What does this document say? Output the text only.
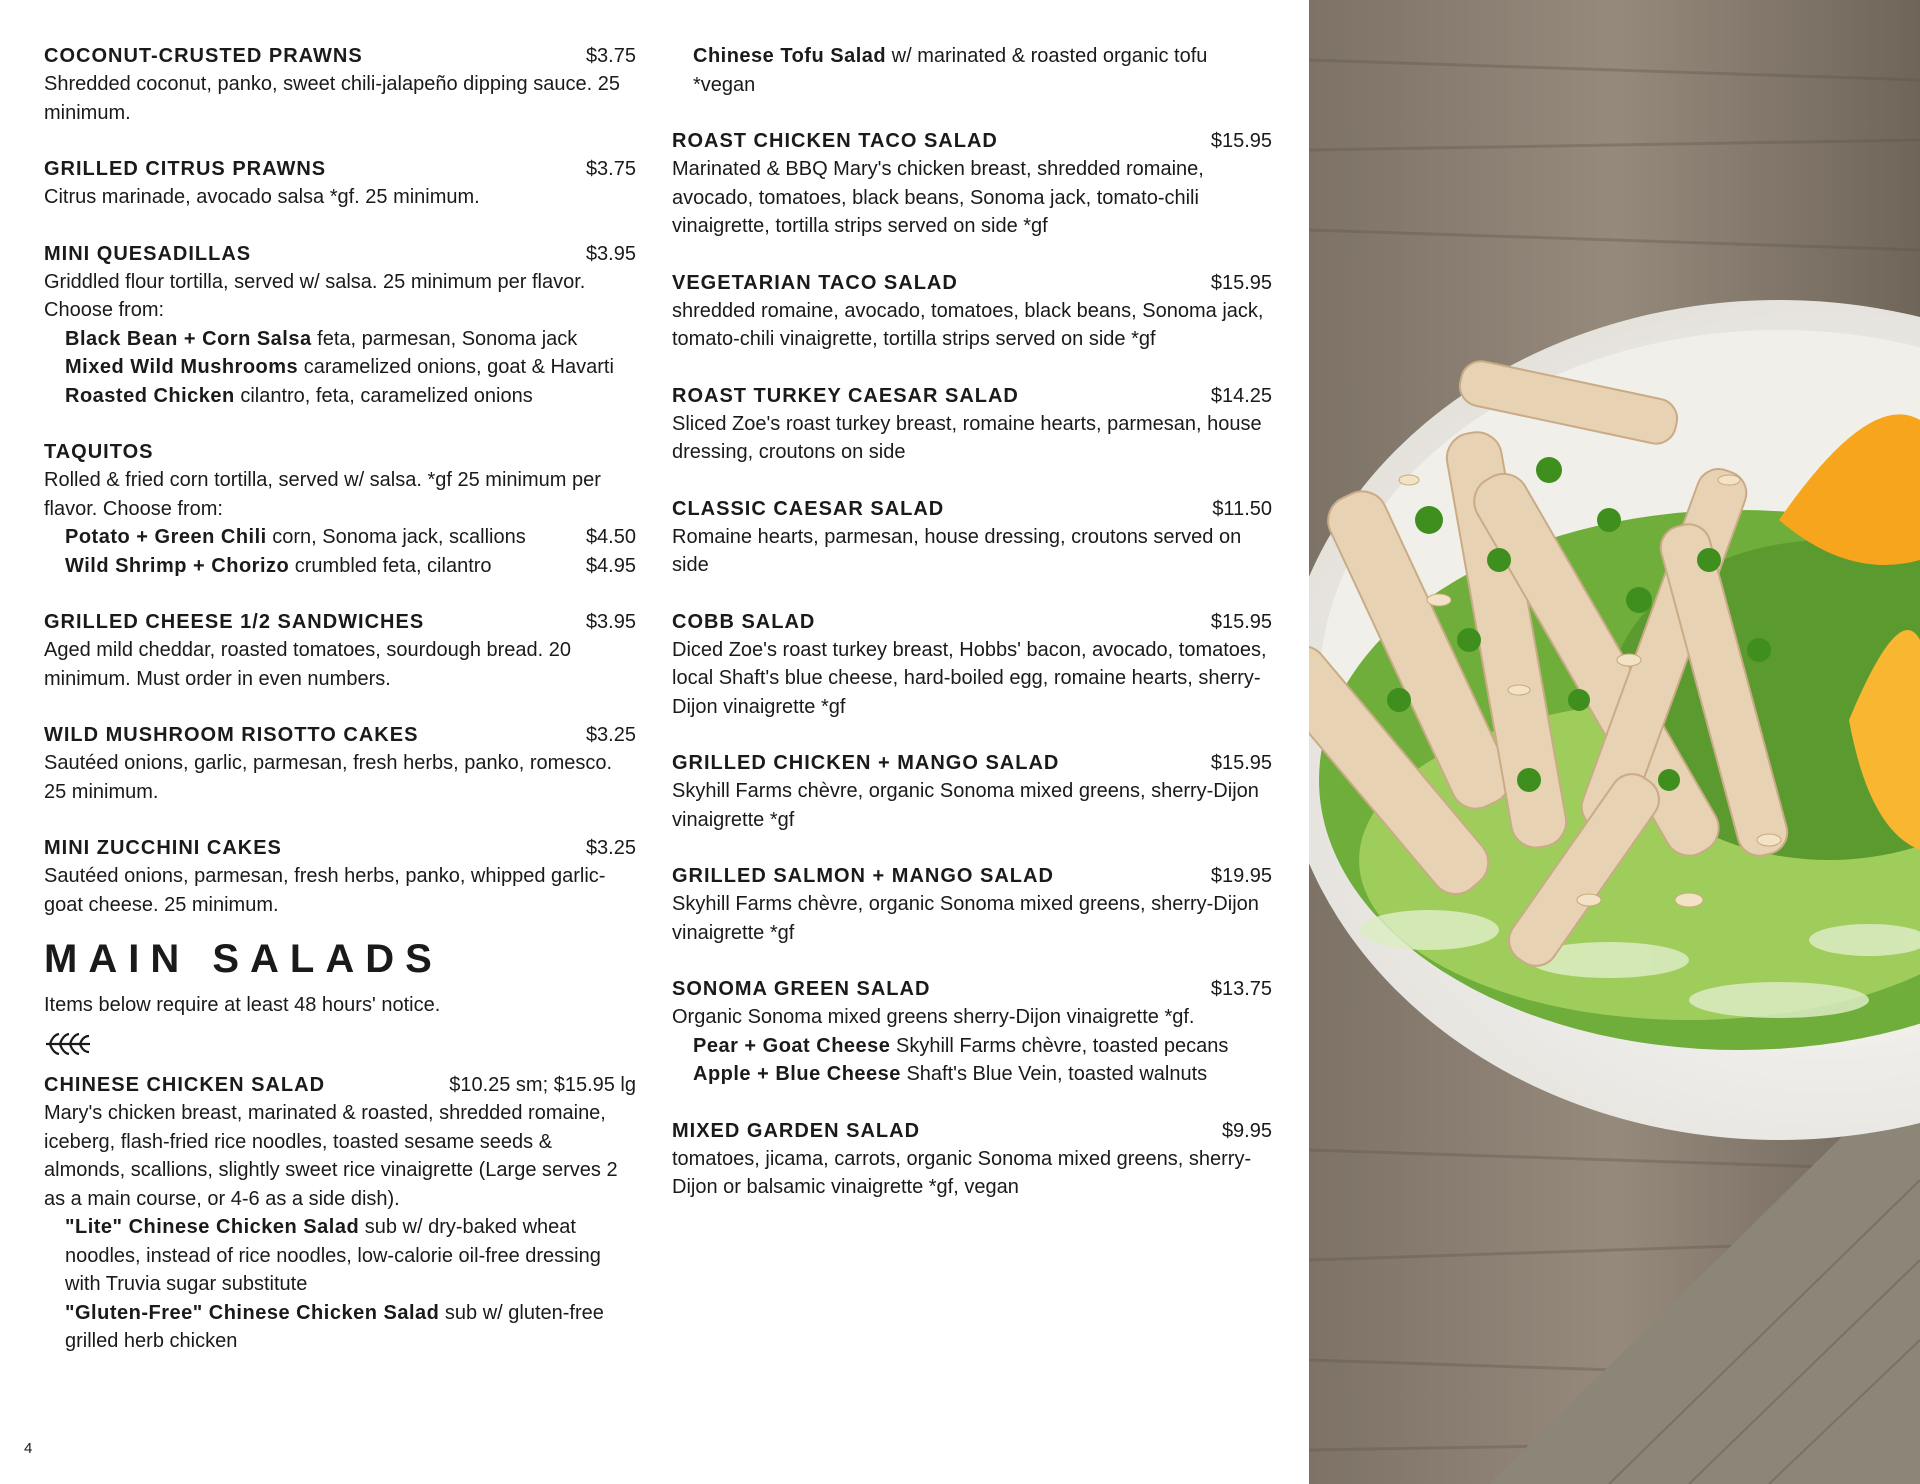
COCONUT-CRUSTED PRAWNS	$3.75
Shredded coconut, panko, sweet chili-jalapeño dipping sauce. 25 minimum.
GRILLED CITRUS PRAWNS	$3.75
Citrus marinade, avocado salsa *gf. 25 minimum.
MINI QUESADILLAS	$3.95
Griddled flour tortilla, served w/ salsa. 25 minimum per flavor. Choose from:
Black Bean + Corn Salsa feta, parmesan, Sonoma jack
Mixed Wild Mushrooms caramelized onions, goat & Havarti
Roasted Chicken cilantro, feta, caramelized onions
TAQUITOS
Rolled & fried corn tortilla, served w/ salsa. *gf 25 minimum per flavor. Choose from:
Potato + Green Chili corn, Sonoma jack, scallions	$4.50
Wild Shrimp + Chorizo crumbled feta, cilantro	$4.95
GRILLED CHEESE 1/2 SANDWICHES	$3.95
Aged mild cheddar, roasted tomatoes, sourdough bread. 20 minimum. Must order in even numbers.
WILD MUSHROOM RISOTTO CAKES	$3.25
Sautéed onions, garlic, parmesan, fresh herbs, panko, romesco. 25 minimum.
MINI ZUCCHINI CAKES	$3.25
Sautéed onions, parmesan, fresh herbs, panko, whipped garlic-goat cheese. 25 minimum.
MAIN SALADS
Items below require at least 48 hours' notice.
CHINESE CHICKEN SALAD	$10.25 sm; $15.95 lg
Mary's chicken breast, marinated & roasted, shredded romaine, iceberg, flash-fried rice noodles, toasted sesame seeds & almonds, scallions, slightly sweet rice vinaigrette (Large serves 2 as a main course, or 4-6 as a side dish).
"Lite" Chinese Chicken Salad sub w/ dry-baked wheat noodles, instead of rice noodles, low-calorie oil-free dressing with Truvia sugar substitute
"Gluten-Free" Chinese Chicken Salad sub w/ gluten-free grilled herb chicken
Chinese Tofu Salad w/ marinated & roasted organic tofu *vegan
ROAST CHICKEN TACO SALAD	$15.95
Marinated & BBQ Mary's chicken breast, shredded romaine, avocado, tomatoes, black beans, Sonoma jack, tomato-chili vinaigrette, tortilla strips served on side *gf
VEGETARIAN TACO SALAD	$15.95
shredded romaine, avocado, tomatoes, black beans, Sonoma jack, tomato-chili vinaigrette, tortilla strips served on side *gf
ROAST TURKEY CAESAR SALAD	$14.25
Sliced Zoe's roast turkey breast, romaine hearts, parmesan, house dressing, croutons on side
CLASSIC CAESAR SALAD	$11.50
Romaine hearts, parmesan, house dressing, croutons served on side
COBB SALAD	$15.95
Diced Zoe's roast turkey breast, Hobbs' bacon, avocado, tomatoes, local Shaft's blue cheese, hard-boiled egg, romaine hearts, sherry-Dijon vinaigrette *gf
GRILLED CHICKEN + MANGO SALAD	$15.95
Skyhill Farms chèvre, organic Sonoma mixed greens, sherry-Dijon vinaigrette *gf
GRILLED SALMON + MANGO SALAD	$19.95
Skyhill Farms chèvre, organic Sonoma mixed greens, sherry-Dijon vinaigrette *gf
SONOMA GREEN SALAD	$13.75
Organic Sonoma mixed greens sherry-Dijon vinaigrette *gf.
Pear + Goat Cheese Skyhill Farms chèvre, toasted pecans
Apple + Blue Cheese Shaft's Blue Vein, toasted walnuts
MIXED GARDEN SALAD	$9.95
tomatoes, jicama, carrots, organic Sonoma mixed greens, sherry-Dijon or balsamic vinaigrette *gf, vegan
4
